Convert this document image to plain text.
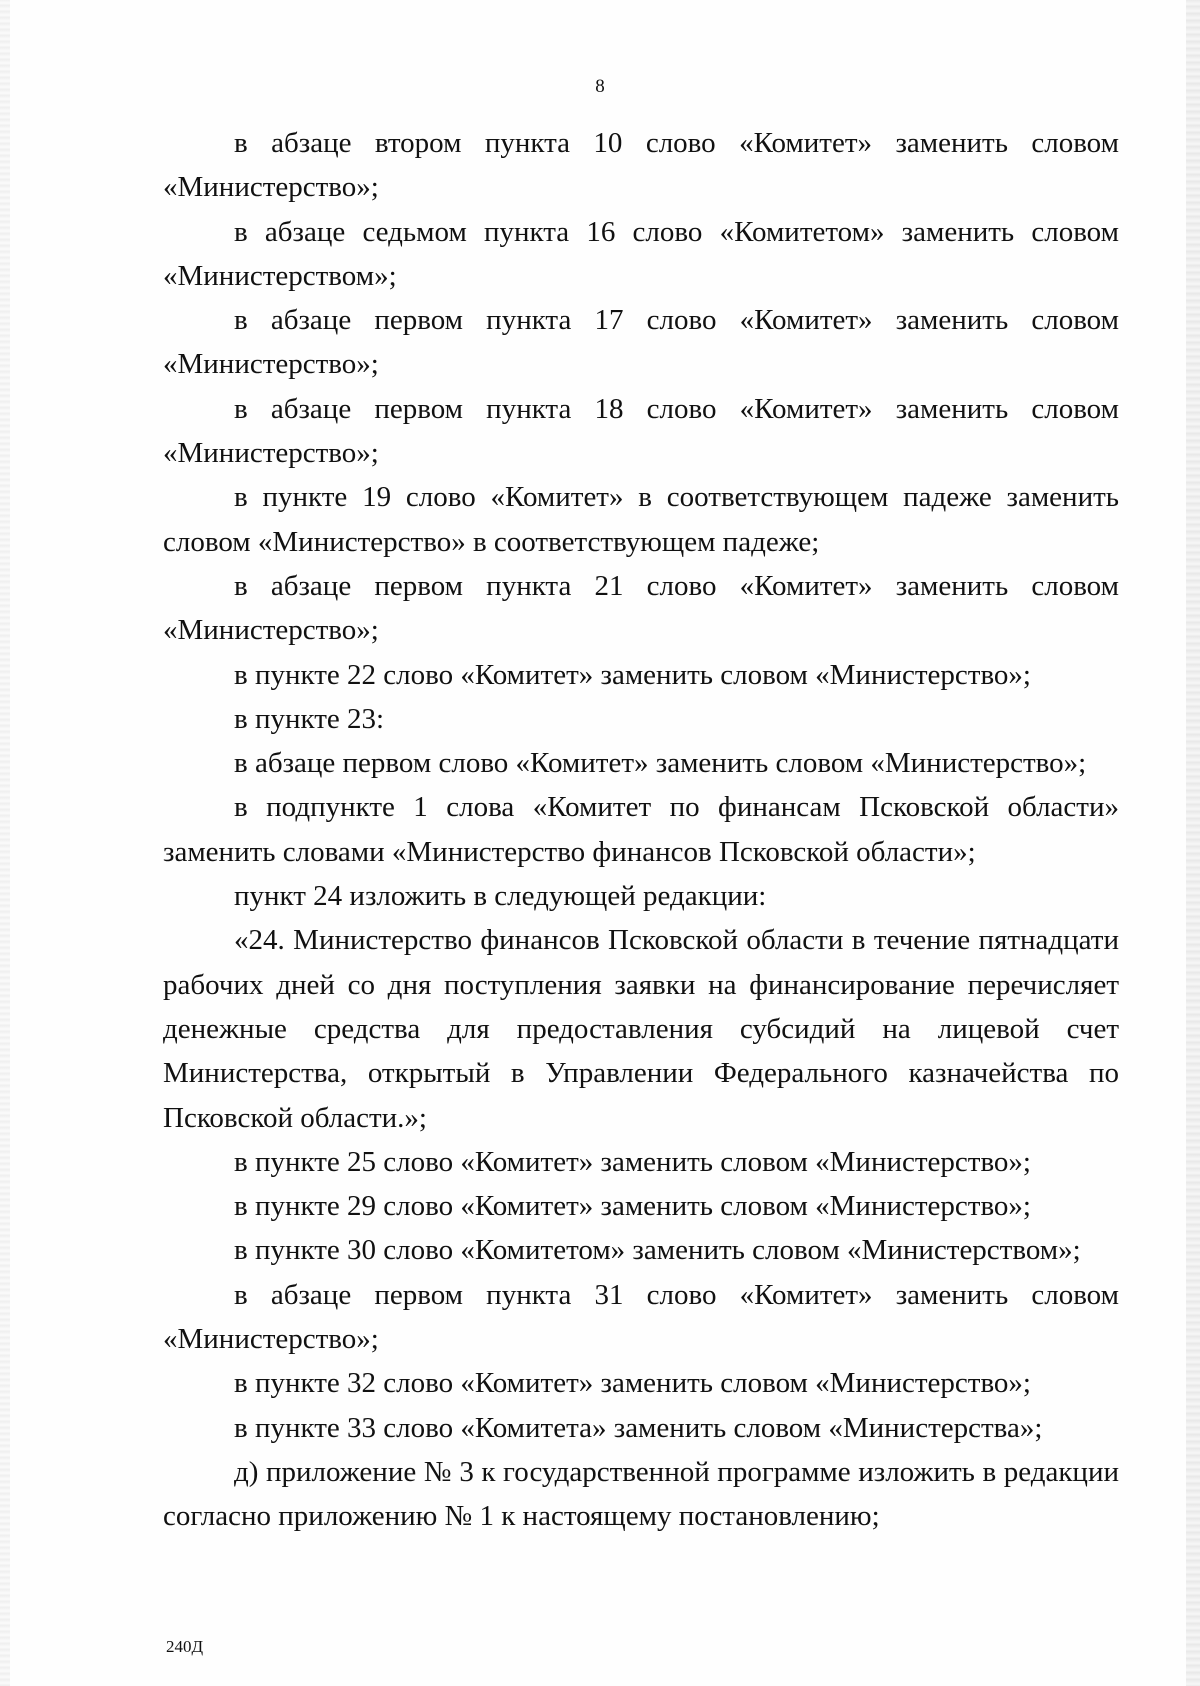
8

в абзаце втором пункта 10 слово «Комитет» заменить словом «Министерство»;

в абзаце седьмом пункта 16 слово «Комитетом» заменить словом «Министерством»;

в абзаце первом пункта 17 слово «Комитет» заменить словом «Министерство»;

в абзаце первом пункта 18 слово «Комитет» заменить словом «Министерство»;

в пункте 19 слово «Комитет» в соответствующем падеже заменить словом «Министерство» в соответствующем падеже;

в абзаце первом пункта 21 слово «Комитет» заменить словом «Министерство»;

в пункте 22 слово «Комитет» заменить словом «Министерство»;

в пункте 23:

в абзаце первом слово «Комитет» заменить словом «Министерство»;

в подпункте 1 слова «Комитет по финансам Псковской области» заменить словами «Министерство финансов Псковской области»;

пункт 24 изложить в следующей редакции:

«24. Министерство финансов Псковской области в течение пятнадцати рабочих дней со дня поступления заявки на финансирование перечисляет денежные средства для предоставления субсидий на лицевой счет Министерства, открытый в Управлении Федерального казначейства по Псковской области.»;

в пункте 25 слово «Комитет» заменить словом «Министерство»;

в пункте 29 слово «Комитет» заменить словом «Министерство»;

в пункте 30 слово «Комитетом» заменить словом «Министерством»;

в абзаце первом пункта 31 слово «Комитет» заменить словом «Министерство»;

в пункте 32 слово «Комитет» заменить словом «Министерство»;

в пункте 33 слово «Комитета» заменить словом «Министерства»;

д) приложение № 3 к государственной программе изложить в редакции согласно приложению № 1 к настоящему постановлению;

240Д
